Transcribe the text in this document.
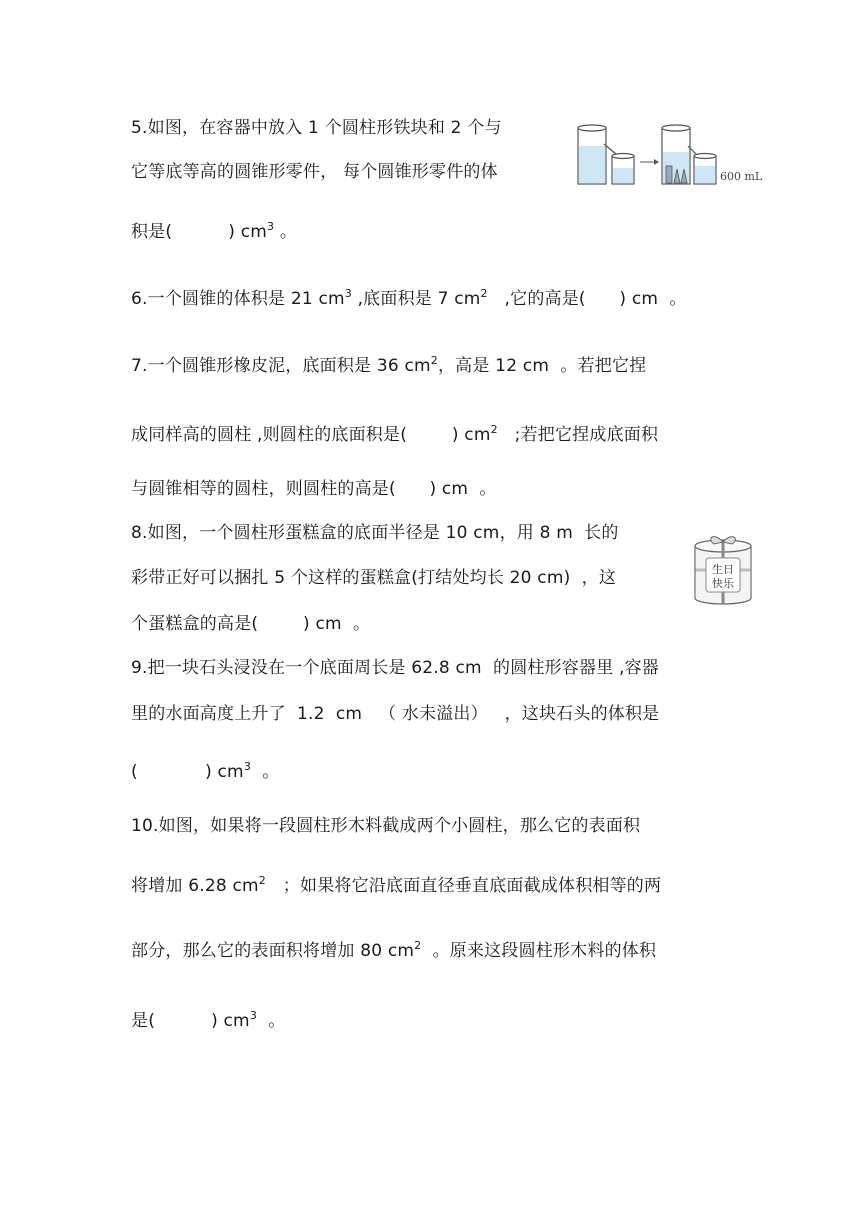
5.如图，在容器中放入 1 个圆柱形铁块和 2 个与
它等底等高的圆锥形零件， 每个圆锥形零件的体
积是(          ) $cm^3$ 。
600 mL
6.一个圆锥的体积是 21 $cm^3$ ,底面积是 7 $cm^2$   ,它的高是(      ) cm  。
7.一个圆锥形橡皮泥，底面积是 36 $cm^2$，高是 12 cm  。若把它捏
成同样高的圆柱 ,则圆柱的底面积是(        ) $cm^2$   ;若把它捏成底面积
与圆锥相等的圆柱，则圆柱的高是(      ) cm  。
8.如图，一个圆柱形蛋糕盒的底面半径是 10 cm，用 8 m  长的
彩带正好可以捆扎 5 个这样的蛋糕盒(打结处均长 20 cm)  ，这
个蛋糕盒的高是(        ) cm  。
生日
快乐
9.把一块石头浸没在一个底面周长是 62.8 cm  的圆柱形容器里 ,容器
里的水面高度上升了  1.2  cm   （ 水未溢出）   ，这块石头的体积是
(            ) $cm^3$  。
10.如图，如果将一段圆柱形木料截成两个小圆柱，那么它的表面积
将增加 6.28 $cm^2$   ；如果将它沿底面直径垂直底面截成体积相等的两
部分，那么它的表面积将增加 80 $cm^2$  。原来这段圆柱形木料的体积
是(          ) $cm^3$  。
